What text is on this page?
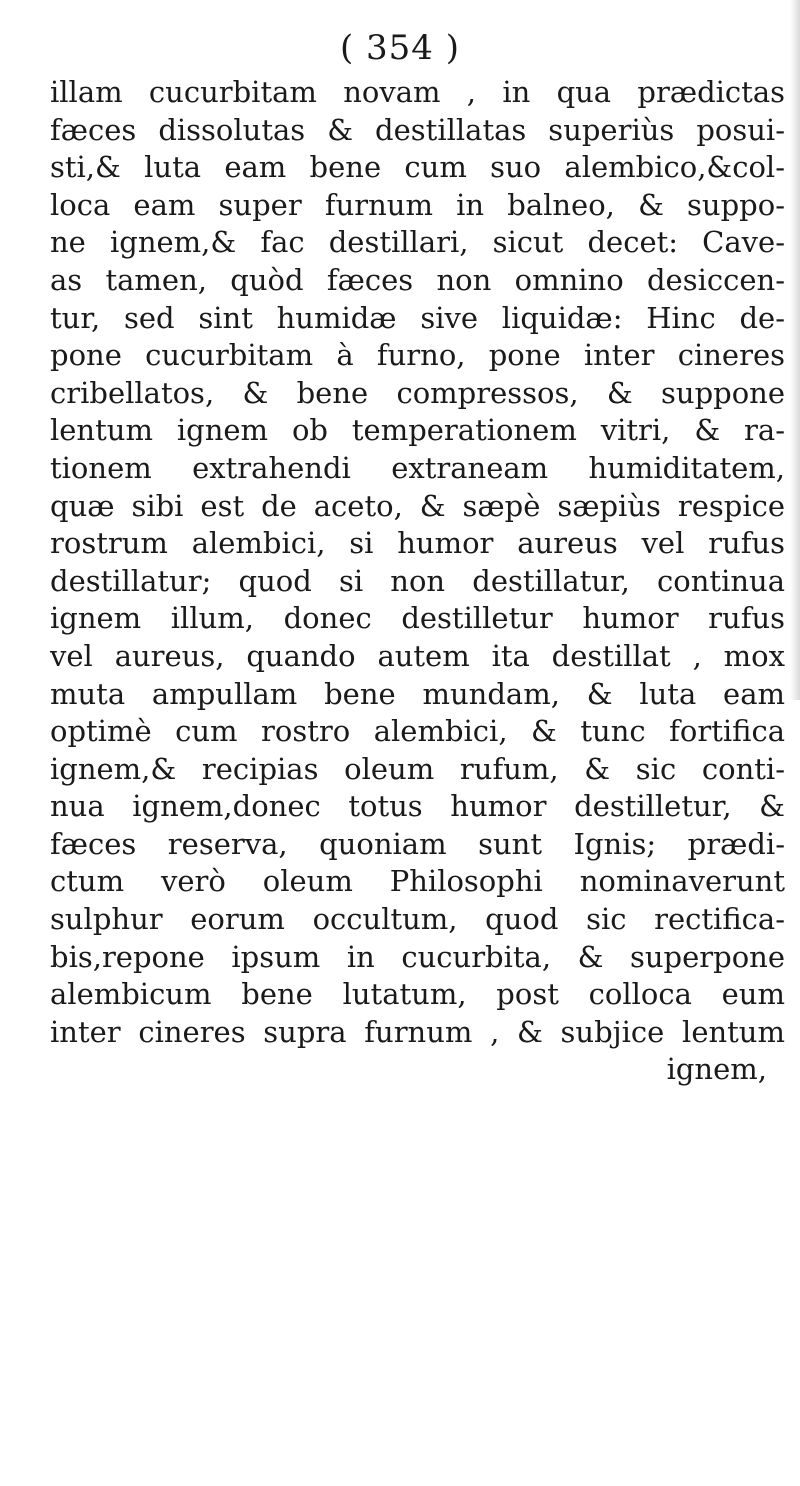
( 354 )
illam cucurbitam novam , in qua prædictas
fæces dissolutas & destillatas superiùs posui-
sti,& luta eam bene cum suo alembico,&col-
loca eam super furnum in balneo, & suppo-
ne ignem,& fac destillari, sicut decet: Cave-
as tamen, quòd fæces non omnino desiccen-
tur, sed sint humidæ sive liquidæ: Hinc de-
pone cucurbitam à furno, pone inter cineres
cribellatos, & bene compressos, & suppone
lentum ignem ob temperationem vitri, & ra-
tionem extrahendi extraneam humiditatem,
quæ sibi est de aceto, & sæpè sæpiùs respice
rostrum alembici, si humor aureus vel rufus
destillatur; quod si non destillatur, continua
ignem illum, donec destilletur humor rufus
vel aureus, quando autem ita destillat , mox
muta ampullam bene mundam, & luta eam
optimè cum rostro alembici, & tunc fortifica
ignem,& recipias oleum rufum, & sic conti-
nua ignem,donec totus humor destilletur, &
fæces reserva, quoniam sunt Ignis; prædi-
ctum verò oleum Philosophi nominaverunt
sulphur eorum occultum, quod sic rectifica-
bis,repone ipsum in cucurbita, & superpone
alembicum bene lutatum, post colloca eum
inter cineres supra furnum , & subjice lentum
ignem,
